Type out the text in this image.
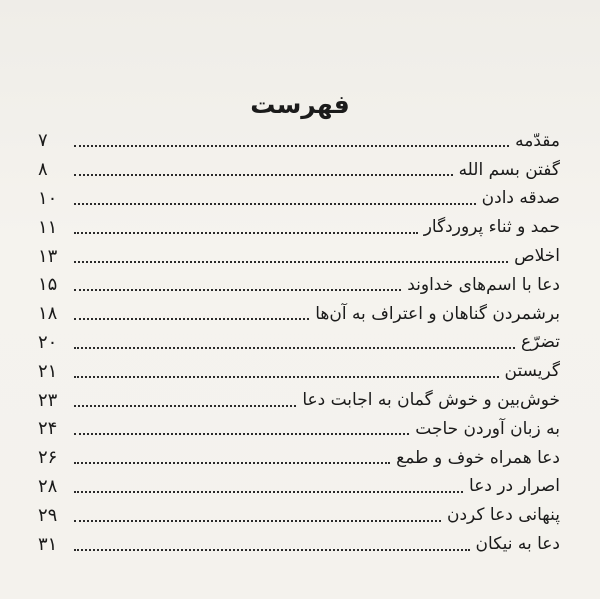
فهرست
مقدّمه
۷
گفتن بسم الله
۸
صدقه دادن
۱۰
حمد و ثناء پروردگار
۱۱
اخلاص
۱۳
دعا با اسم‌های خداوند
۱۵
برشمردن گناهان و اعتراف به آن‌ها
۱۸
تضرّع
۲۰
گریستن
۲۱
خوش‌بین و خوش گمان به اجابت دعا
۲۳
به زبان آوردن حاجت
۲۴
دعا همراه خوف و طمع
۲۶
اصرار در دعا
۲۸
پنهانی دعا کردن
۲۹
دعا به نیکان
۳۱
